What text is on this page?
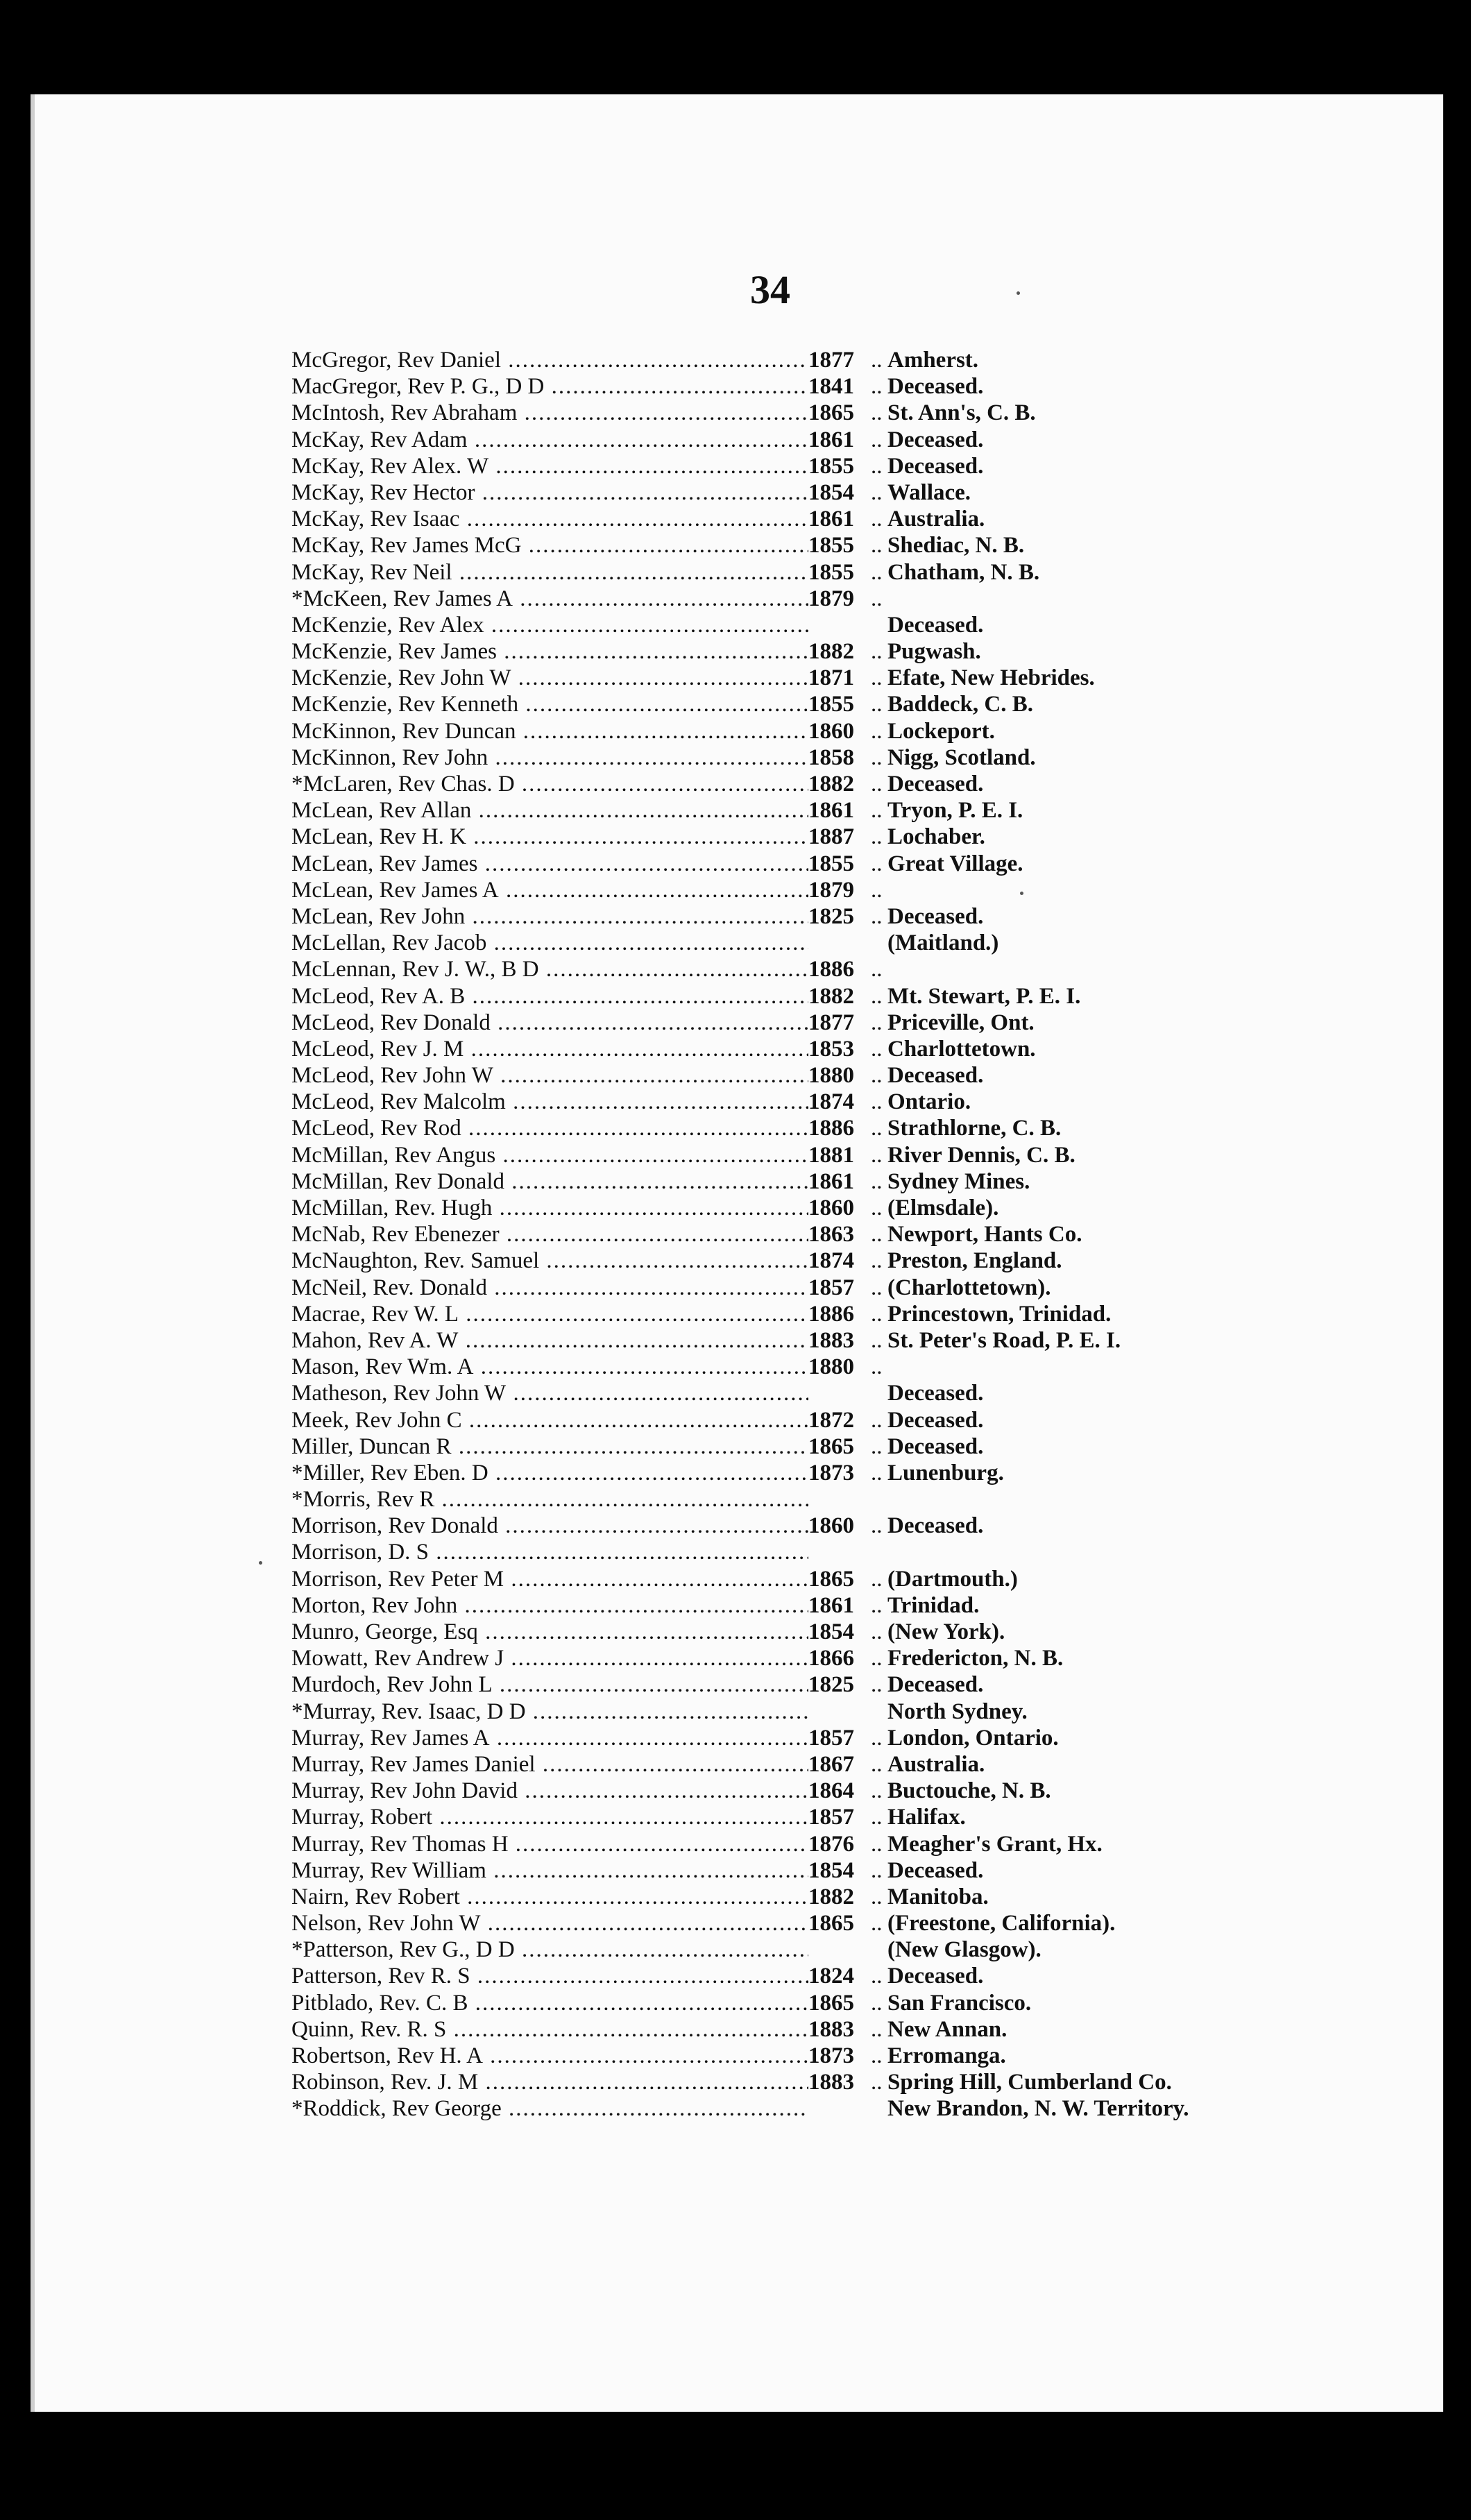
34
McGregor, Rev Daniel .....	1877 .. Amherst.
MacGregor, Rev P. G., D D .....	1841 .. Deceased.
McIntosh, Rev Abraham .....	1865 .. St. Ann's, C. B.
McKay, Rev Adam .....	1861 .. Deceased.
McKay, Rev Alex. W .....	1855 .. Deceased.
McKay, Rev Hector .....	1854 .. Wallace.
McKay, Rev Isaac .....	1861 .. Australia.
McKay, Rev James McG .....	1855 .. Shediac, N. B.
McKay, Rev Neil .....	1855 .. Chatham, N. B.
*McKeen, Rev James A .....	1879 ..
McKenzie, Rev Alex .....	Deceased.
McKenzie, Rev James .....	1882 .. Pugwash.
McKenzie, Rev John W .....	1871 .. Efate, New Hebrides.
McKenzie, Rev Kenneth .....	1855 .. Baddeck, C. B.
McKinnon, Rev Duncan .....	1860 .. Lockeport.
McKinnon, Rev John .....	1858 .. Nigg, Scotland.
*McLaren, Rev Chas. D .....	1882 .. Deceased.
McLean, Rev Allan .....	1861 .. Tryon, P. E. I.
McLean, Rev H. K .....	1887 .. Lochaber.
McLean, Rev James .....	1855 .. Great Village.
McLean, Rev James A .....	1879 ..
McLean, Rev John .....	1825 .. Deceased.
McLellan, Rev Jacob .....	(Maitland.)
McLennan, Rev J. W., B D .....	1886 ..
McLeod, Rev A. B .....	1882 .. Mt. Stewart, P. E. I.
McLeod, Rev Donald .....	1877 .. Priceville, Ont.
McLeod, Rev J. M .....	1853 .. Charlottetown.
McLeod, Rev John W .....	1880 .. Deceased.
McLeod, Rev Malcolm .....	1874 .. Ontario.
McLeod, Rev Rod .....	1886 .. Strathlorne, C. B.
McMillan, Rev Angus .....	1881 .. River Dennis, C. B.
McMillan, Rev Donald .....	1861 .. Sydney Mines.
McMillan, Rev. Hugh .....	1860 .. (Elmsdale).
McNab, Rev Ebenezer .....	1863 .. Newport, Hants Co.
McNaughton, Rev. Samuel .....	1874 .. Preston, England.
McNeil, Rev. Donald .....	1857 .. (Charlottetown).
Macrae, Rev W. L .....	1886 .. Princestown, Trinidad.
Mahon, Rev A. W .....	1883 .. St. Peter's Road, P. E. I.
Mason, Rev Wm. A .....	1880 ..
Matheson, Rev John W .....	Deceased.
Meek, Rev John C .....	1872 .. Deceased.
Miller, Duncan R .....	1865 .. Deceased.
*Miller, Rev Eben. D .....	1873 .. Lunenburg.
*Morris, Rev R .....
Morrison, Rev Donald .....	1860 .. Deceased.
Morrison, D. S .....
Morrison, Rev Peter M .....	1865 .. (Dartmouth.)
Morton, Rev John .....	1861 .. Trinidad.
Munro, George, Esq .....	1854 .. (New York).
Mowatt, Rev Andrew J .....	1866 .. Fredericton, N. B.
Murdoch, Rev John L .....	1825 .. Deceased.
*Murray, Rev. Isaac, D D .....	North Sydney.
Murray, Rev James A .....	1857 .. London, Ontario.
Murray, Rev James Daniel .....	1867 .. Australia.
Murray, Rev John David .....	1864 .. Buctouche, N. B.
Murray, Robert .....	1857 .. Halifax.
Murray, Rev Thomas H .....	1876 .. Meagher's Grant, Hx.
Murray, Rev William .....	1854 .. Deceased.
Nairn, Rev Robert .....	1882 .. Manitoba.
Nelson, Rev John W .....	1865 .. (Freestone, California).
*Patterson, Rev G., D D .....	(New Glasgow).
Patterson, Rev R. S .....	1824 .. Deceased.
Pitblado, Rev. C. B .....	1865 .. San Francisco.
Quinn, Rev. R. S .....	1883 .. New Annan.
Robertson, Rev H. A .....	1873 .. Erromanga.
Robinson, Rev. J. M .....	1883 .. Spring Hill, Cumberland Co.
*Roddick, Rev George .....	New Brandon, N. W. Territory.
